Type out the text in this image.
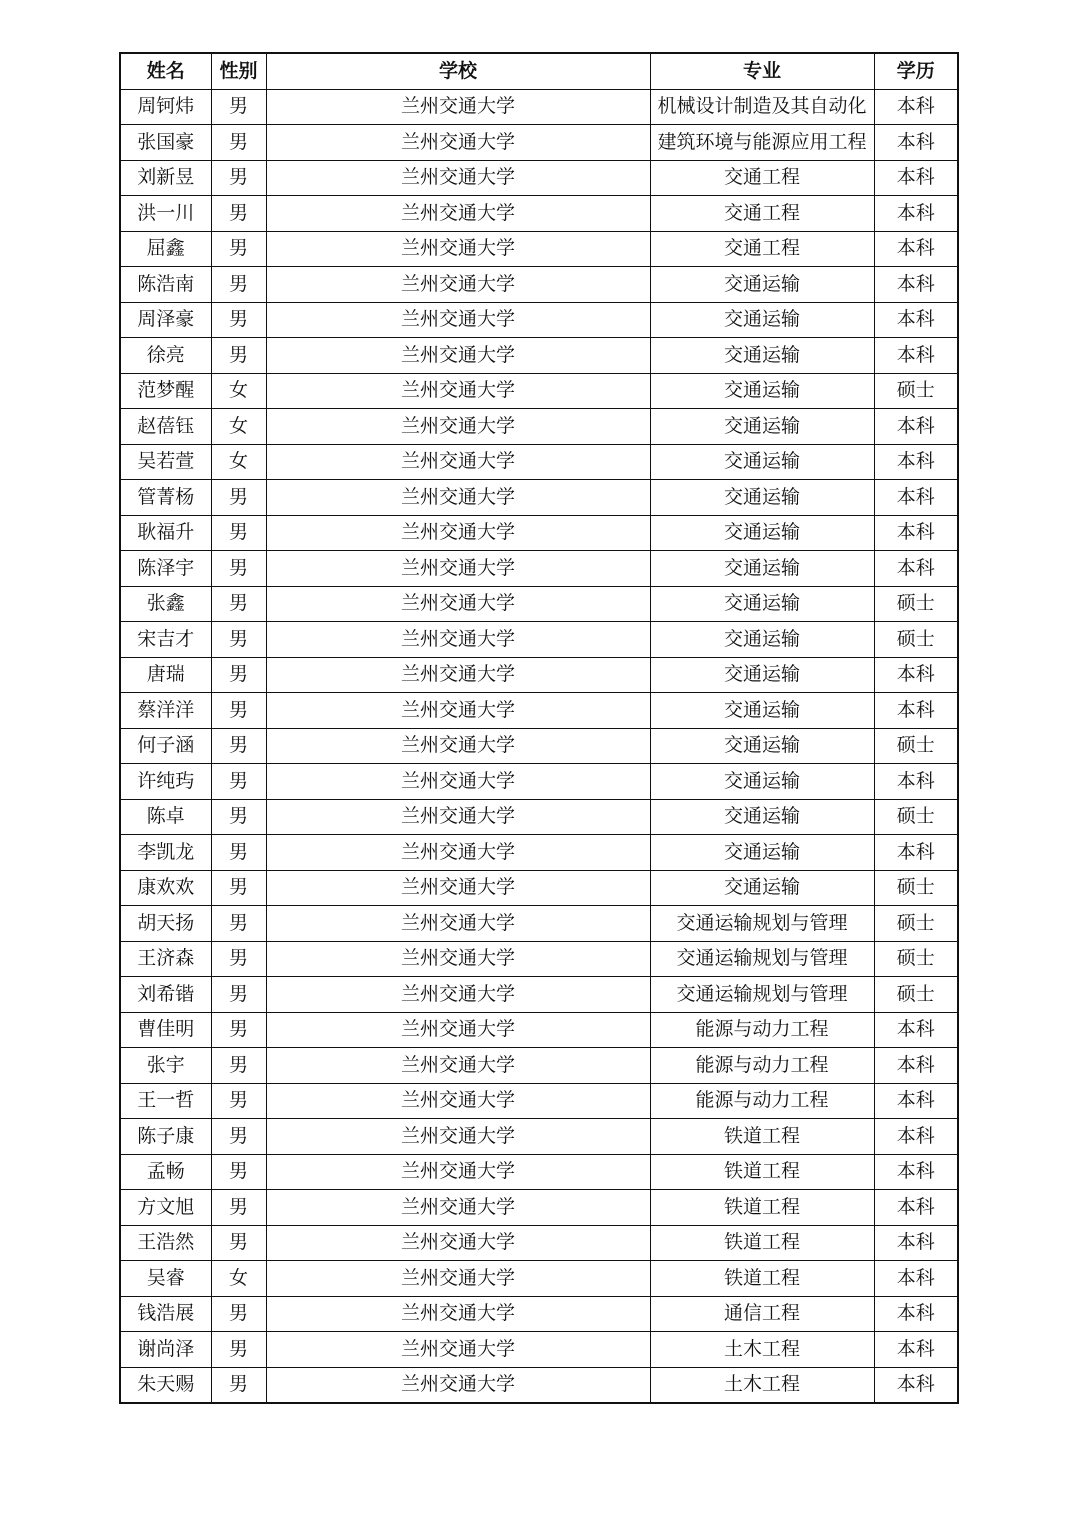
姓名	性别	学校	专业	学历
周钶炜	男	兰州交通大学	机械设计制造及其自动化	本科
张国豪	男	兰州交通大学	建筑环境与能源应用工程	本科
刘新昱	男	兰州交通大学	交通工程	本科
洪一川	男	兰州交通大学	交通工程	本科
屈鑫	男	兰州交通大学	交通工程	本科
陈浩南	男	兰州交通大学	交通运输	本科
周泽豪	男	兰州交通大学	交通运输	本科
徐亮	男	兰州交通大学	交通运输	本科
范梦醒	女	兰州交通大学	交通运输	硕士
赵蓓钰	女	兰州交通大学	交通运输	本科
吴若萱	女	兰州交通大学	交通运输	本科
管菁杨	男	兰州交通大学	交通运输	本科
耿福升	男	兰州交通大学	交通运输	本科
陈泽宇	男	兰州交通大学	交通运输	本科
张鑫	男	兰州交通大学	交通运输	硕士
宋吉才	男	兰州交通大学	交通运输	硕士
唐瑞	男	兰州交通大学	交通运输	本科
蔡洋洋	男	兰州交通大学	交通运输	本科
何子涵	男	兰州交通大学	交通运输	硕士
许纯玙	男	兰州交通大学	交通运输	本科
陈卓	男	兰州交通大学	交通运输	硕士
李凯龙	男	兰州交通大学	交通运输	本科
康欢欢	男	兰州交通大学	交通运输	硕士
胡天扬	男	兰州交通大学	交通运输规划与管理	硕士
王济森	男	兰州交通大学	交通运输规划与管理	硕士
刘希锴	男	兰州交通大学	交通运输规划与管理	硕士
曹佳明	男	兰州交通大学	能源与动力工程	本科
张宇	男	兰州交通大学	能源与动力工程	本科
王一哲	男	兰州交通大学	能源与动力工程	本科
陈子康	男	兰州交通大学	铁道工程	本科
孟畅	男	兰州交通大学	铁道工程	本科
方文旭	男	兰州交通大学	铁道工程	本科
王浩然	男	兰州交通大学	铁道工程	本科
吴睿	女	兰州交通大学	铁道工程	本科
钱浩展	男	兰州交通大学	通信工程	本科
谢尚泽	男	兰州交通大学	土木工程	本科
朱天赐	男	兰州交通大学	土木工程	本科
